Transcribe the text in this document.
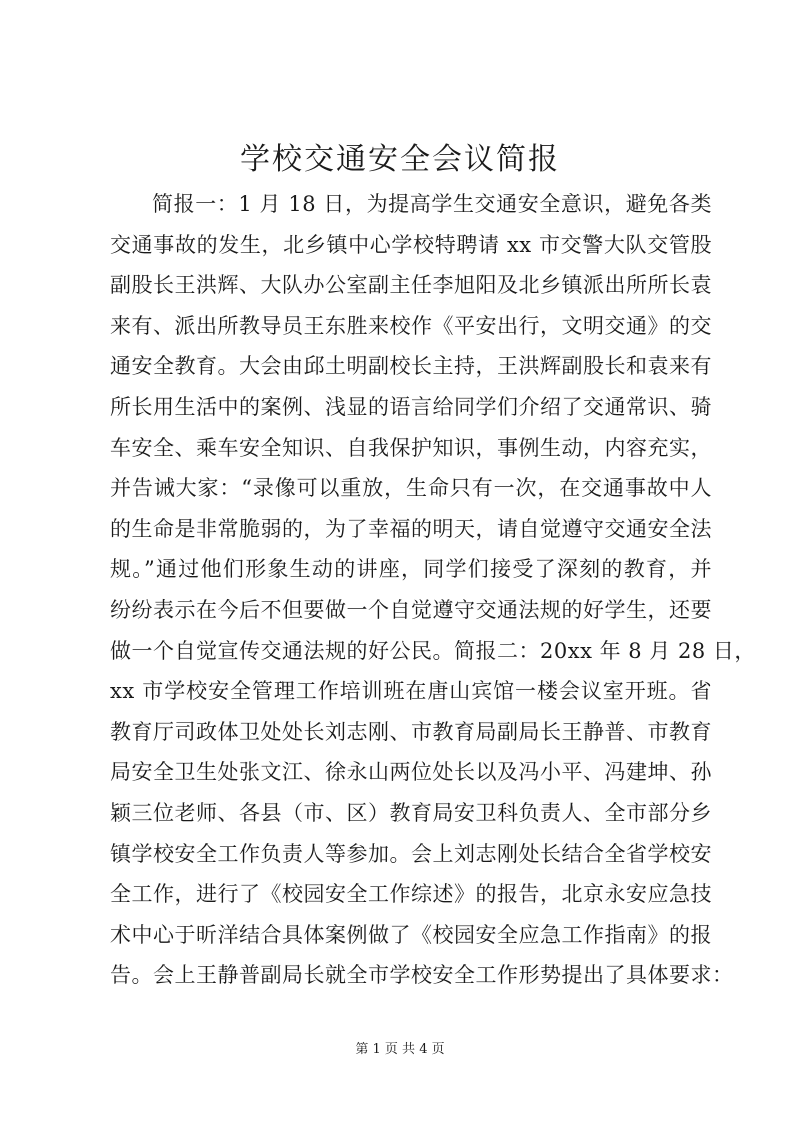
学校交通安全会议简报
简报一：1 月 18 日，为提高学生交通安全意识，避免各类
交通事故的发生，北乡镇中心学校特聘请 xx 市交警大队交管股
副股长王洪辉、大队办公室副主任李旭阳及北乡镇派出所所长袁
来有、派出所教导员王东胜来校作《平安出行，文明交通》的交
通安全教育。大会由邱土明副校长主持，王洪辉副股长和袁来有
所长用生活中的案例、浅显的语言给同学们介绍了交通常识、骑
车安全、乘车安全知识、自我保护知识，事例生动，内容充实，
并告诫大家：“录像可以重放，生命只有一次，在交通事故中人
的生命是非常脆弱的，为了幸福的明天，请自觉遵守交通安全法
规。”通过他们形象生动的讲座，同学们接受了深刻的教育，并
纷纷表示在今后不但要做一个自觉遵守交通法规的好学生，还要
做一个自觉宣传交通法规的好公民。简报二：20xx 年 8 月 28 日，
xx 市学校安全管理工作培训班在唐山宾馆一楼会议室开班。省
教育厅司政体卫处处长刘志刚、市教育局副局长王静普、市教育
局安全卫生处张文江、徐永山两位处长以及冯小平、冯建坤、孙
颖三位老师、各县（市、区）教育局安卫科负责人、全市部分乡
镇学校安全工作负责人等参加。会上刘志刚处长结合全省学校安
全工作，进行了《校园安全工作综述》的报告，北京永安应急技
术中心于昕洋结合具体案例做了《校园安全应急工作指南》的报
告。会上王静普副局长就全市学校安全工作形势提出了具体要求：
第 1 页 共 4 页
